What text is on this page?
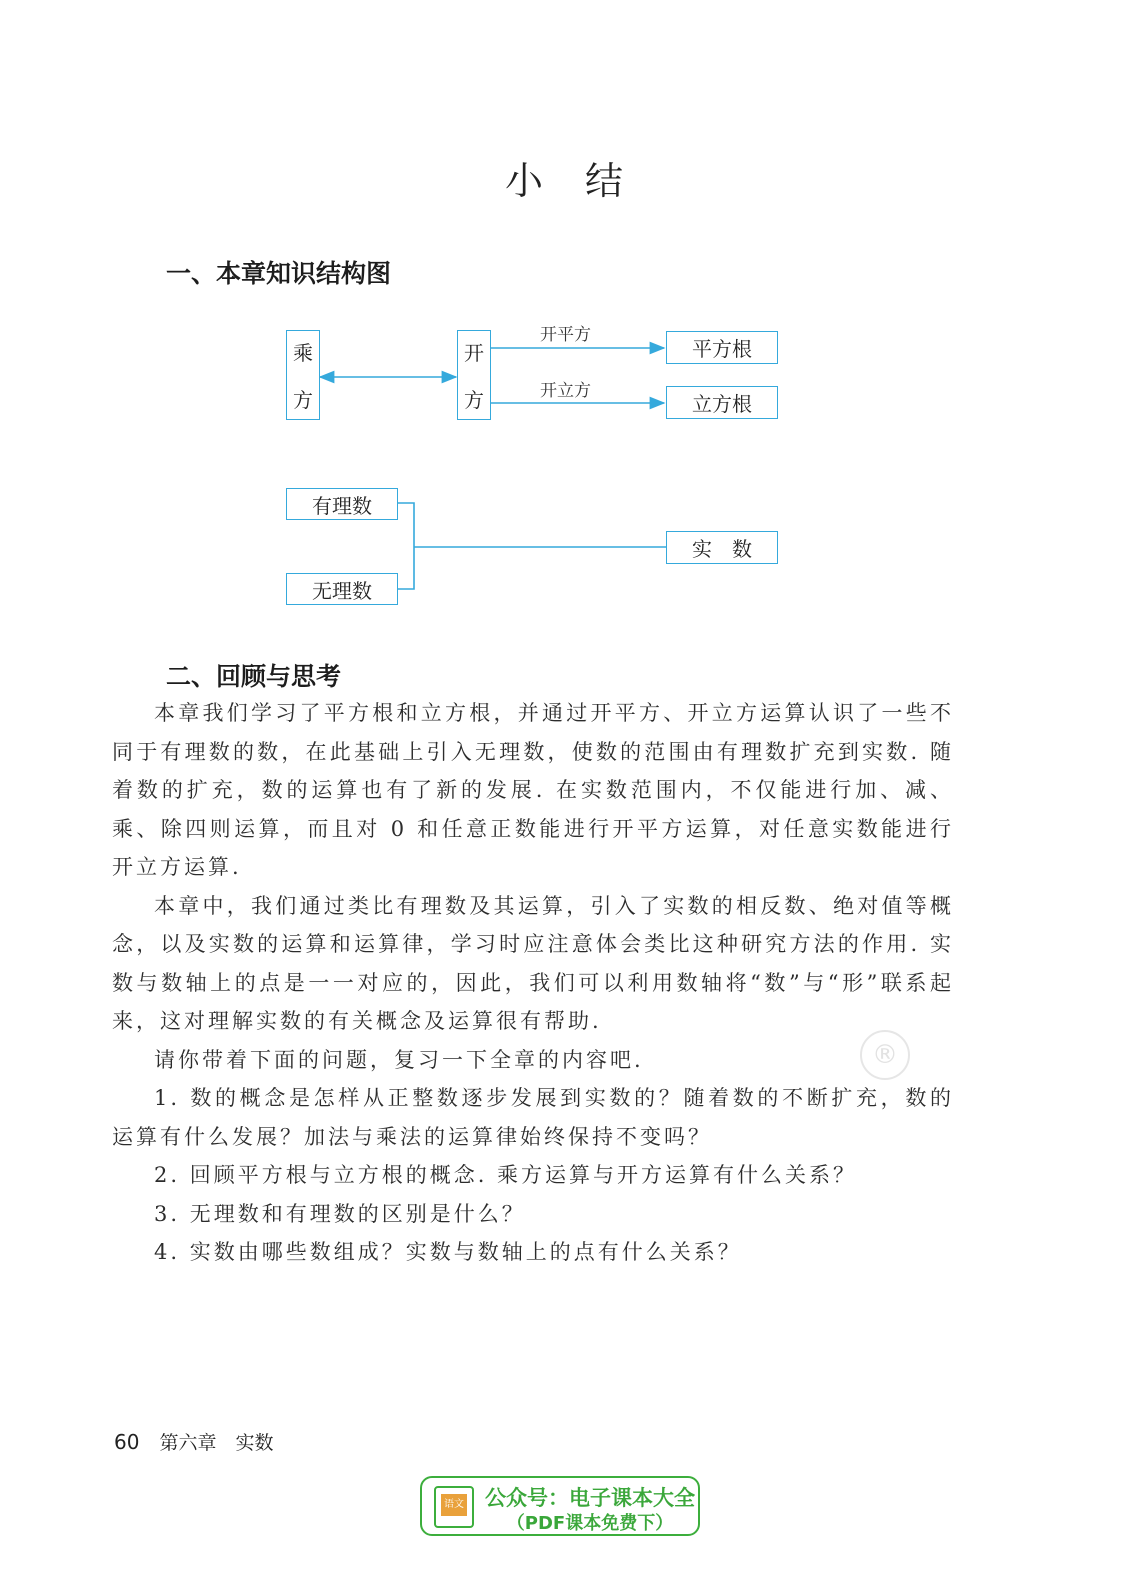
小　结
一、本章知识结构图
乘
方
开
方
开平方
开立方
平方根
立方根
有理数
无理数
实　数
二、回顾与思考

本章我们学习了平方根和立方根，并通过开平方、开立方运算认识了一些不同于有理数的数，在此基础上引入无理数，使数的范围由有理数扩充到实数. 随着数的扩充，数的运算也有了新的发展. 在实数范围内，不仅能进行加、减、乘、除四则运算，而且对 0 和任意正数能进行开平方运算，对任意实数能进行开立方运算.

本章中，我们通过类比有理数及其运算，引入了实数的相反数、绝对值等概念，以及实数的运算和运算律，学习时应注意体会类比这种研究方法的作用. 实数与数轴上的点是一一对应的，因此，我们可以利用数轴将“数”与“形”联系起来，这对理解实数的有关概念及运算很有帮助.

请你带着下面的问题，复习一下全章的内容吧.

1. 数的概念是怎样从正整数逐步发展到实数的？随着数的不断扩充，数的运算有什么发展？加法与乘法的运算律始终保持不变吗？

2. 回顾平方根与立方根的概念. 乘方运算与开方运算有什么关系？

3. 无理数和有理数的区别是什么？

4. 实数由哪些数组成？实数与数轴上的点有什么关系？

®
60 第六章　实数
语文 公众号：电子课本大全
（PDF课本免费下）
